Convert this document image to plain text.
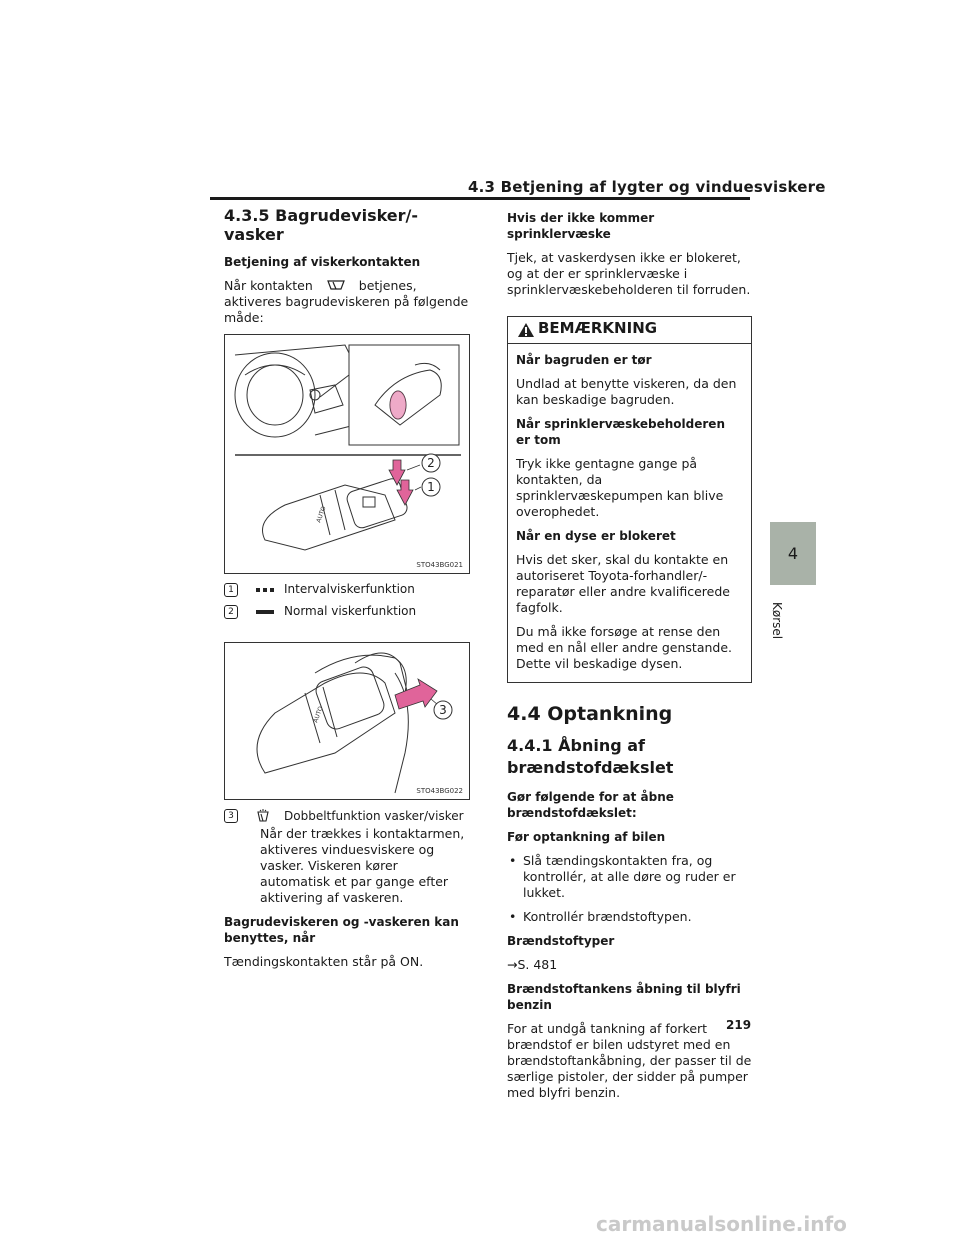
4.3 Betjening af lygter og vinduesviskere
4.3.5 Bagrudevisker/-vasker
Betjening af viskerkontakten
Når kontakten	betjenes, aktiveres bagrudeviskeren på følgende måde:
AUTO
2
1
STO43BG021
1	Intervalviskerfunktion
2	Normal viskerfunktion
AUTO	3
STO43BG022
3	Dobbeltfunktion vasker/visker
Når der trækkes i kontaktarmen, aktiveres vinduesviskere og vasker. Viskeren kører automatisk et par gange efter aktivering af vaskeren.
Bagrudeviskeren og -vaskeren kan benyttes, når
Tændingskontakten står på ON.
Hvis der ikke kommer sprinklervæske
Tjek, at vaskerdysen ikke er blokeret, og at der er sprinklervæske i sprinklervæskebeholderen til forruden.
BEMÆRKNING
Når bagruden er tør
Undlad at benytte viskeren, da den kan beskadige bagruden.
Når sprinklervæskebeholderen er tom
Tryk ikke gentagne gange på kontakten, da sprinklervæskepumpen kan blive overophedet.
Når en dyse er blokeret
Hvis det sker, skal du kontakte en autoriseret Toyota-forhandler/-reparatør eller andre kvalificerede fagfolk.
Du må ikke forsøge at rense den med en nål eller andre genstande. Dette vil beskadige dysen.
4.4 Optankning
4.4.1 Åbning af brændstofdækslet
Gør følgende for at åbne brændstofdækslet:
Før optankning af bilen
• Slå tændingskontakten fra, og kontrollér, at alle døre og ruder er lukket.
• Kontrollér brændstoftypen.
Brændstoftyper
→S. 481
Brændstoftankens åbning til blyfri benzin
For at undgå tankning af forkert brændstof er bilen udstyret med en brændstoftankåbning, der passer til de særlige pistoler, der sidder på pumper med blyfri benzin.
4
Kørsel
219
carmanualsonline.info
